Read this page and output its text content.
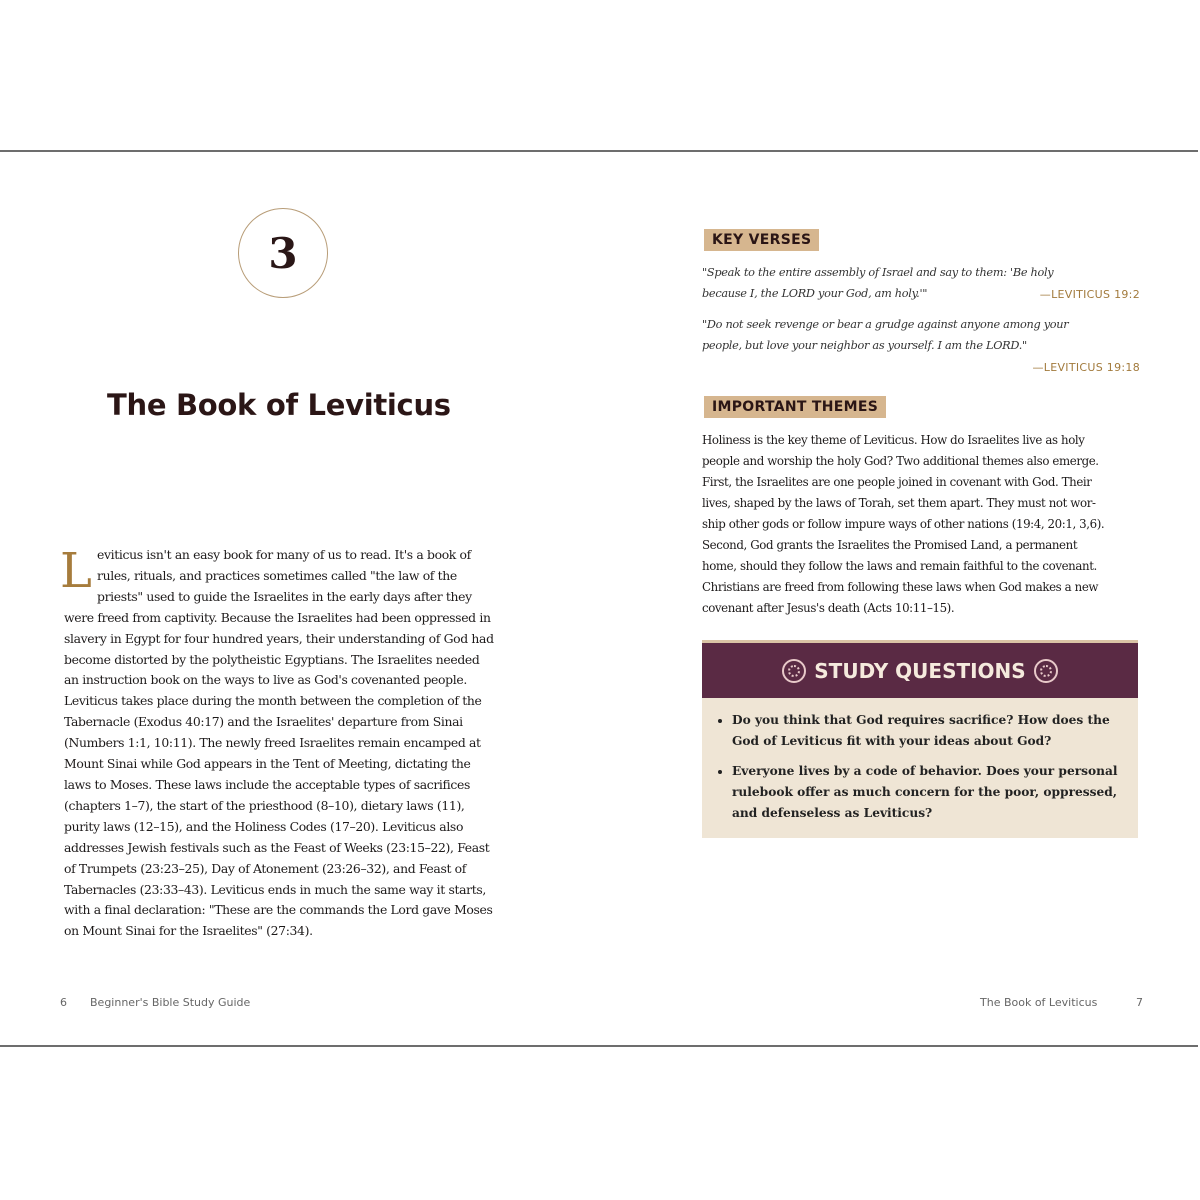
3
The Book of Leviticus
L eviticus isn't an easy book for many of us to read. It's a book of
rules, rituals, and practices sometimes called "the law of the
priests" used to guide the Israelites in the early days after they
were freed from captivity. Because the Israelites had been oppressed in
slavery in Egypt for four hundred years, their understanding of God had
become distorted by the polytheistic Egyptians. The Israelites needed
an instruction book on the ways to live as God's covenanted people.
Leviticus takes place during the month between the completion of the
Tabernacle (Exodus 40:17) and the Israelites' departure from Sinai
(Numbers 1:1, 10:11). The newly freed Israelites remain encamped at
Mount Sinai while God appears in the Tent of Meeting, dictating the
laws to Moses. These laws include the acceptable types of sacrifices
(chapters 1–7), the start of the priesthood (8–10), dietary laws (11),
purity laws (12–15), and the Holiness Codes (17–20). Leviticus also
addresses Jewish festivals such as the Feast of Weeks (23:15–22), Feast
of Trumpets (23:23–25), Day of Atonement (23:26–32), and Feast of
Tabernacles (23:33–43). Leviticus ends in much the same way it starts,
with a final declaration: "These are the commands the Lord gave Moses
on Mount Sinai for the Israelites" (27:34).
KEY VERSES
"Speak to the entire assembly of Israel and say to them: 'Be holy
because I, the LORD your God, am holy.'"	—LEVITICUS 19:2
"Do not seek revenge or bear a grudge against anyone among your
people, but love your neighbor as yourself. I am the LORD."
—LEVITICUS 19:18
IMPORTANT THEMES
Holiness is the key theme of Leviticus. How do Israelites live as holy
people and worship the holy God? Two additional themes also emerge.
First, the Israelites are one people joined in covenant with God. Their
lives, shaped by the laws of Torah, set them apart. They must not wor-
ship other gods or follow impure ways of other nations (19:4, 20:1, 3,6).
Second, God grants the Israelites the Promised Land, a permanent
home, should they follow the laws and remain faithful to the covenant.
Christians are freed from following these laws when God makes a new
covenant after Jesus's death (Acts 10:11–15).
STUDY QUESTIONS
• Do you think that God requires sacrifice? How does the
God of Leviticus fit with your ideas about God?
• Everyone lives by a code of behavior. Does your personal
rulebook offer as much concern for the poor, oppressed,
and defenseless as Leviticus?
6 Beginner's Bible Study Guide	The Book of Leviticus	7
